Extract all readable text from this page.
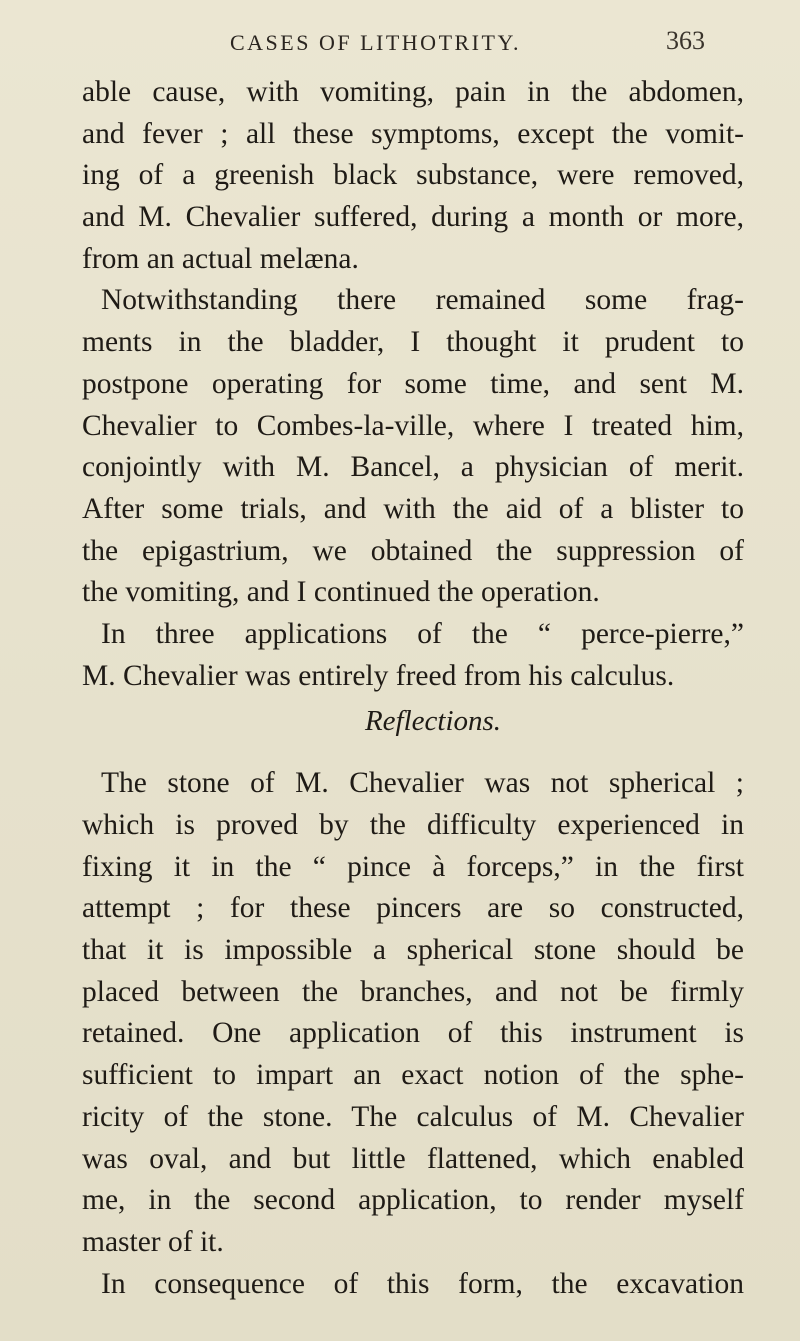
CASES OF LITHOTRITY.	363
able cause, with vomiting, pain in the abdomen,
and fever ; all these symptoms, except the vomit-
ing of a greenish black substance, were removed,
and M. Chevalier suffered, during a month or more,
from an actual melæna.
Notwithstanding there remained some frag-
ments in the bladder, I thought it prudent to
postpone operating for some time, and sent M.
Chevalier to Combes-la-ville, where I treated him,
conjointly with M. Bancel, a physician of merit.
After some trials, and with the aid of a blister to
the epigastrium, we obtained the suppression of
the vomiting, and I continued the operation.
In three applications of the “ perce-pierre,”
M. Chevalier was entirely freed from his calculus.
Reflections.
The stone of M. Chevalier was not spherical ;
which is proved by the difficulty experienced in
fixing it in the “ pince à forceps,” in the first
attempt ; for these pincers are so constructed,
that it is impossible a spherical stone should be
placed between the branches, and not be firmly
retained. One application of this instrument is
sufficient to impart an exact notion of the sphe-
ricity of the stone. The calculus of M. Chevalier
was oval, and but little flattened, which enabled
me, in the second application, to render myself
master of it.
In consequence of this form, the excavation
